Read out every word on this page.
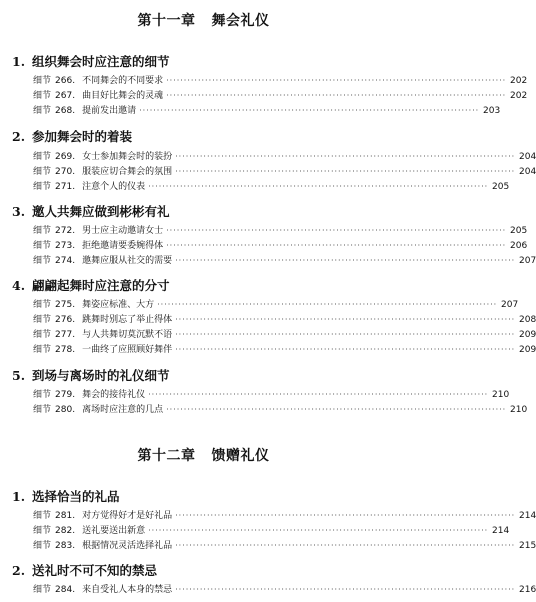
第十一章 舞会礼仪
1. 组织舞会时应注意的细节
细节 266. 不同舞会的不同要求 ································································································ 202
细节 267. 曲目好比舞会的灵魂 ································································································ 202
细节 268. 提前发出邀请 ································································································ 203
2. 参加舞会时的着装
细节 269. 女士参加舞会时的装扮 ································································································ 204
细节 270. 服装应切合舞会的氛围 ································································································ 204
细节 271. 注意个人的仪表 ································································································ 205
3. 邀人共舞应做到彬彬有礼
细节 272. 男士应主动邀请女士 ································································································ 205
细节 273. 拒绝邀请要委婉得体 ································································································ 206
细节 274. 邀舞应服从社交的需要 ································································································ 207
4. 翩翩起舞时应注意的分寸
细节 275. 舞姿应标准、大方 ································································································ 207
细节 276. 跳舞时别忘了举止得体 ································································································ 208
细节 277. 与人共舞切莫沉默不语 ································································································ 209
细节 278. 一曲终了应照顾好舞伴 ································································································ 209
5. 到场与离场时的礼仪细节
细节 279. 舞会的接待礼仪 ································································································ 210
细节 280. 离场时应注意的几点 ································································································ 210
第十二章 馈赠礼仪
1. 选择恰当的礼品
细节 281. 对方觉得好才是好礼品 ································································································ 214
细节 282. 送礼要送出新意 ································································································ 214
细节 283. 根据情况灵活选择礼品 ································································································ 215
2. 送礼时不可不知的禁忌
细节 284. 来自受礼人本身的禁忌 ································································································ 216
